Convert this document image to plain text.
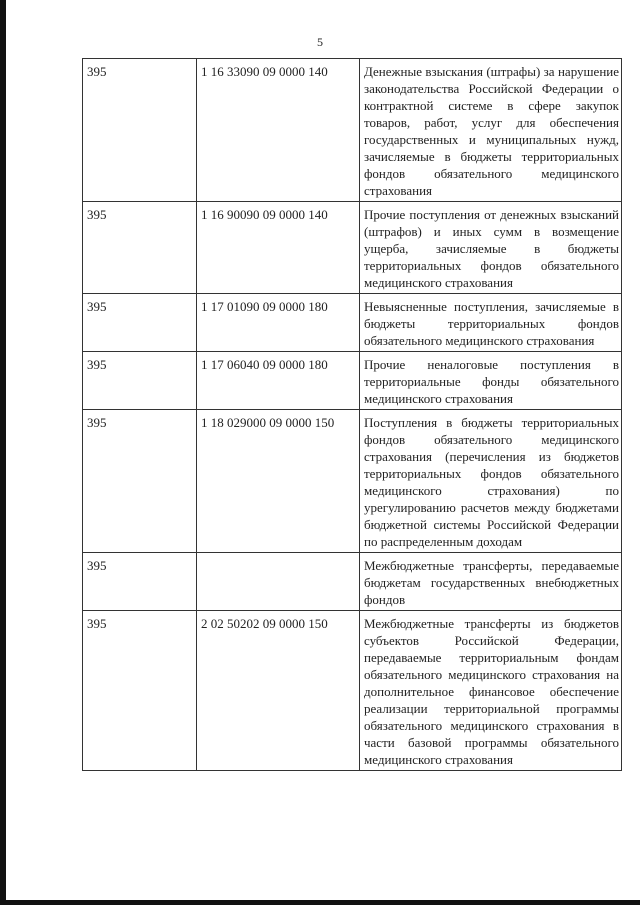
5
395	1 16 33090 09 0000 140	Денежные взыскания (штрафы) за нарушение законодательства Российской Федерации о контрактной системе в сфере закупок товаров, работ, услуг для обеспечения государственных и муниципальных нужд, зачисляемые в бюджеты территориальных фондов обязательного медицинского страхования
395	1 16 90090 09 0000 140	Прочие поступления от денежных взысканий (штрафов) и иных сумм в возмещение ущерба, зачисляемые в бюджеты территориальных фондов обязательного медицинского страхования
395	1 17 01090 09 0000 180	Невыясненные поступления, зачисляемые в бюджеты территориальных фондов обязательного медицинского страхования
395	1 17 06040 09 0000 180	Прочие неналоговые поступления в территориальные фонды обязательного медицинского страхования
395	1 18 029000 09 0000 150	Поступления в бюджеты территориальных фондов обязательного медицинского страхования (перечисления из бюджетов территориальных фондов обязательного медицинского страхования) по урегулированию расчетов между бюджетами бюджетной системы Российской Федерации по распределенным доходам
395		Межбюджетные трансферты, передаваемые бюджетам государственных внебюджетных фондов
395	2 02 50202 09 0000 150	Межбюджетные трансферты из бюджетов субъектов Российской Федерации, передаваемые территориальным фондам обязательного медицинского страхования на дополнительное финансовое обеспечение реализации территориальной программы обязательного медицинского страхования в части базовой программы обязательного медицинского страхования
